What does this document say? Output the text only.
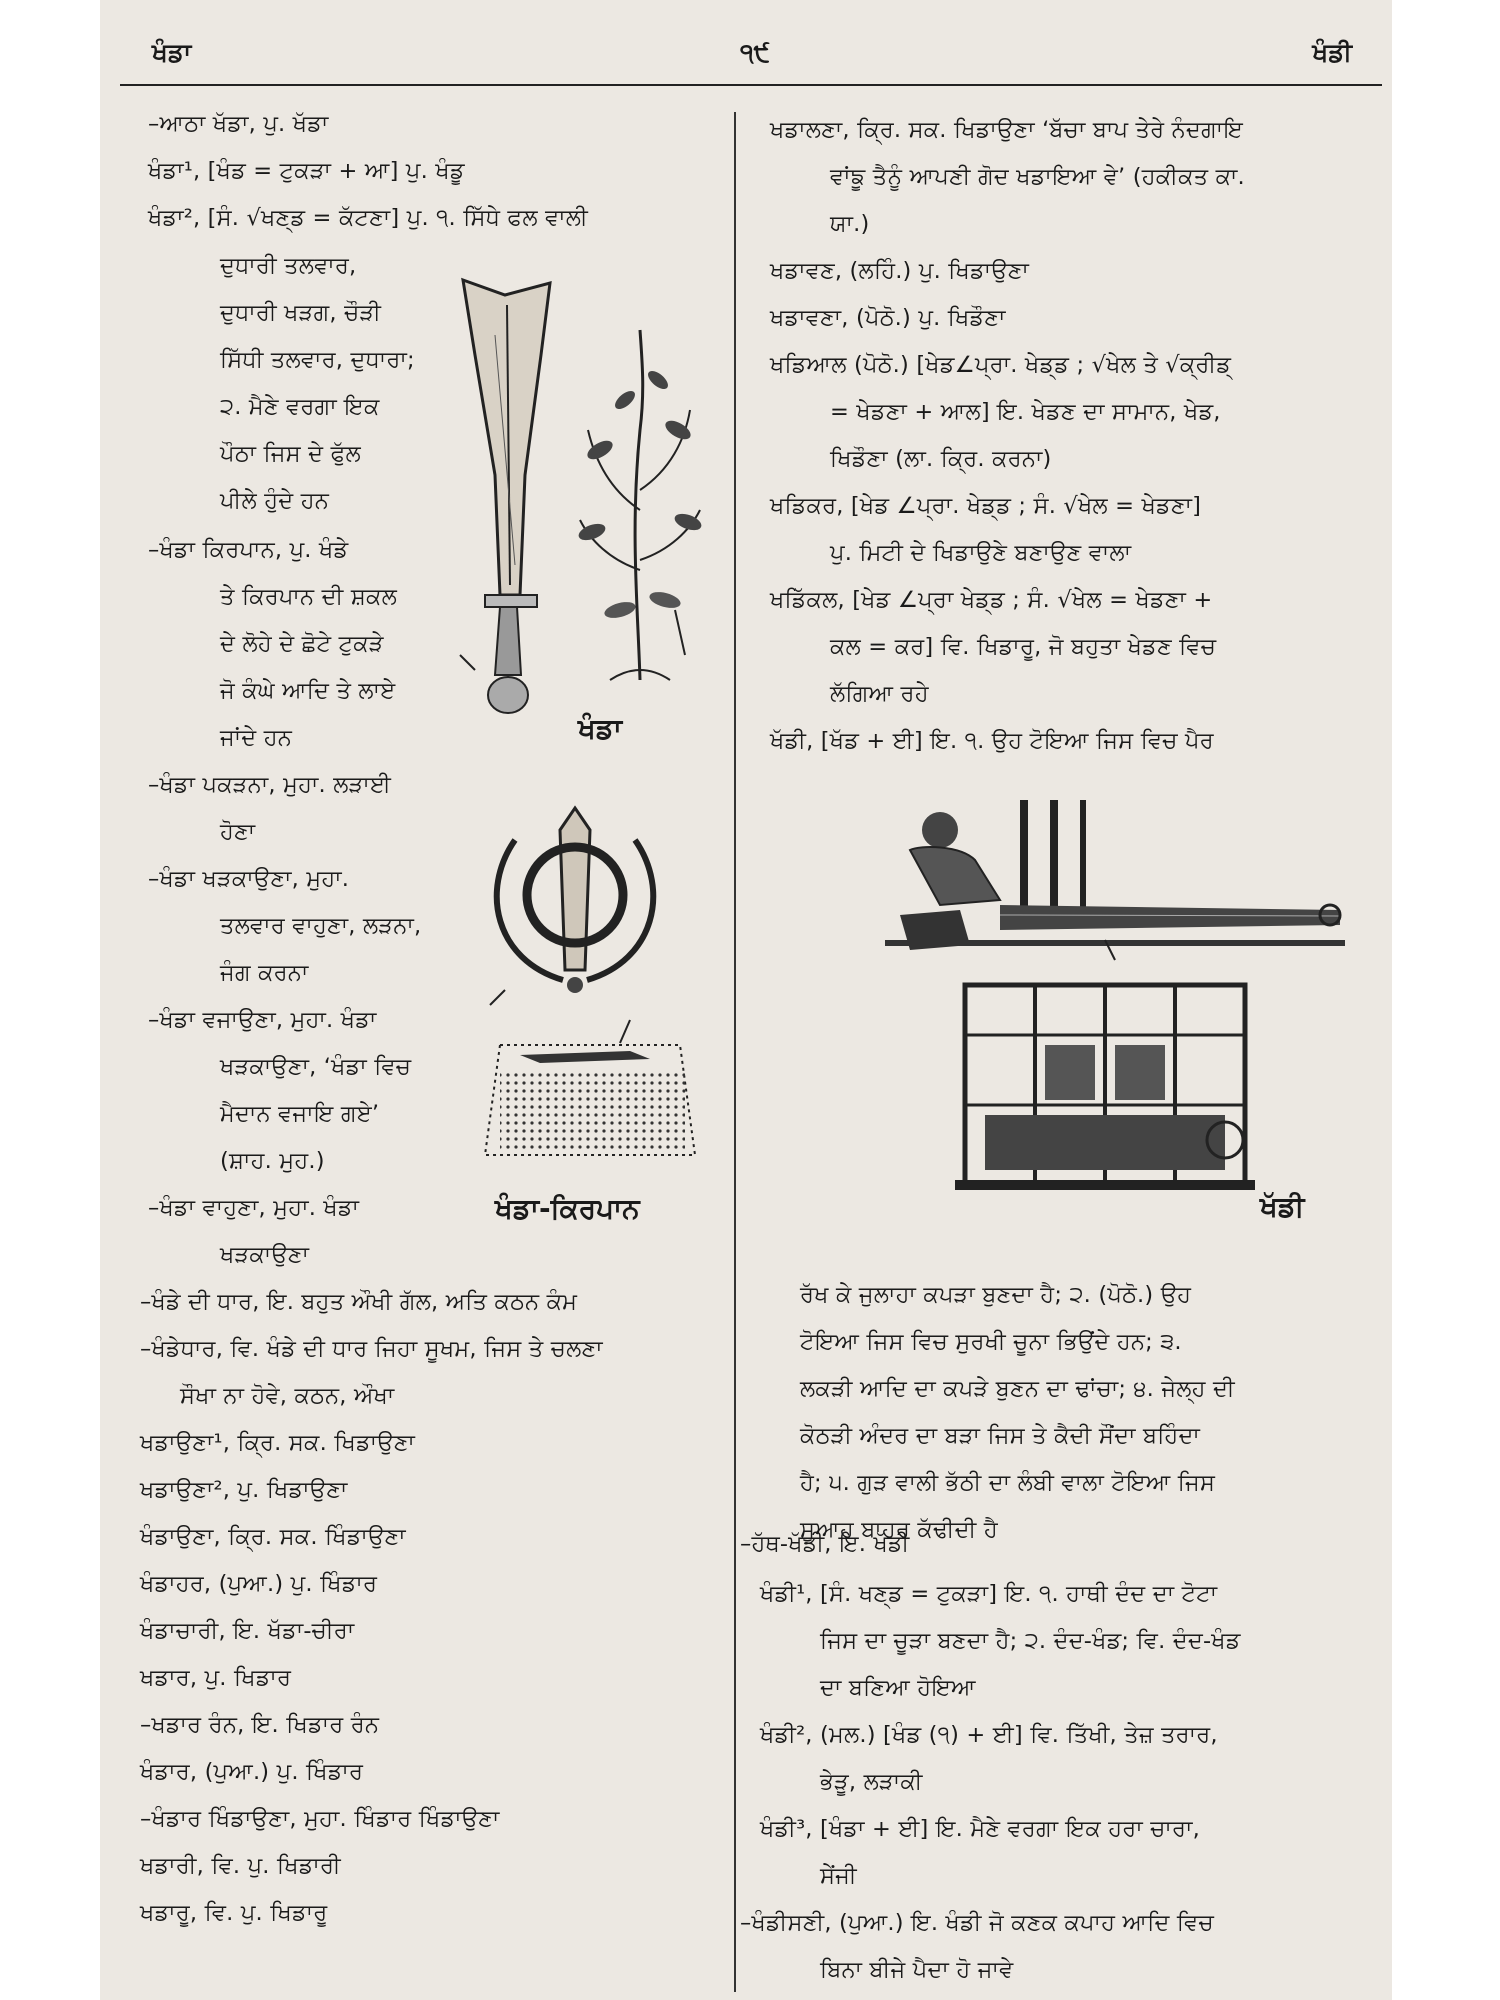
ਖੰਡਾ	੧੯	ਖੰਡੀ
–ਆਠਾ ਖੱਡਾ, ਪੁ. ਖੱਡਾ
ਖੰਡਾ¹, [ਖੰਡ = ਟੁਕੜਾ + ਆ] ਪੁ. ਖੰਡੂ
ਖੰਡਾ², [ਸੰ. √ਖਣ੍ਡ = ਕੱਟਣਾ] ਪੁ. ੧. ਸਿੱਧੇ ਫਲ ਵਾਲੀ
ਦੁਧਾਰੀ ਤਲਵਾਰ,
ਦੁਧਾਰੀ ਖੜਗ, ਚੌੜੀ
ਸਿੱਧੀ ਤਲਵਾਰ, ਦੁਧਾਰਾ;
੨. ਮੈਣੇ ਵਰਗਾ ਇਕ
ਪੌਠਾ ਜਿਸ ਦੇ ਫੁੱਲ
ਪੀਲੇ ਹੁੰਦੇ ਹਨ
–ਖੰਡਾ ਕਿਰਪਾਨ, ਪੁ. ਖੰਡੇ
ਤੇ ਕਿਰਪਾਨ ਦੀ ਸ਼ਕਲ
ਦੇ ਲੋਹੇ ਦੇ ਛੋਟੇ ਟੁਕੜੇ
ਜੋ ਕੰਘੇ ਆਦਿ ਤੇ ਲਾਏ
ਜਾਂਦੇ ਹਨ
–ਖੰਡਾ ਪਕੜਨਾ, ਮੁਹਾ. ਲੜਾਈ
ਹੋਣਾ
–ਖੰਡਾ ਖੜਕਾਉਣਾ, ਮੁਹਾ.
ਤਲਵਾਰ ਵਾਹੁਣਾ, ਲੜਨਾ,
ਜੰਗ ਕਰਨਾ
–ਖੰਡਾ ਵਜਾਉਣਾ, ਮੁਹਾ. ਖੰਡਾ
ਖੜਕਾਉਣਾ, ‘ਖੰਡਾ ਵਿਚ
ਮੈਦਾਨ ਵਜਾਇ ਗਏ’
(ਸ਼ਾਹ. ਮੁਹ.)
–ਖੰਡਾ ਵਾਹੁਣਾ, ਮੁਹਾ. ਖੰਡਾ
ਖੜਕਾਉਣਾ
–ਖੰਡੇ ਦੀ ਧਾਰ, ਇ. ਬਹੁਤ ਔਖੀ ਗੱਲ, ਅਤਿ ਕਠਨ ਕੰਮ
–ਖੰਡੇਧਾਰ, ਵਿ. ਖੰਡੇ ਦੀ ਧਾਰ ਜਿਹਾ ਸੂਖਮ, ਜਿਸ ਤੇ ਚਲਣਾ
ਸੌਖਾ ਨਾ ਹੋਵੇ, ਕਠਨ, ਔਖਾ
ਖਡਾਉਣਾ¹, ਕ੍ਰਿ. ਸਕ. ਖਿਡਾਉਣਾ
ਖਡਾਉਣਾ², ਪੁ. ਖਿਡਾਉਣਾ
ਖੰਡਾਉਣਾ, ਕ੍ਰਿ. ਸਕ. ਖਿੰਡਾਉਣਾ
ਖੰਡਾਹਰ, (ਪੁਆ.) ਪੁ. ਖਿੰਡਾਰ
ਖੰਡਾਚਾਰੀ, ਇ. ਖੱਡਾ-ਚੀਰਾ
ਖਡਾਰ, ਪੁ. ਖਿਡਾਰ
–ਖਡਾਰ ਰੰਨ, ਇ. ਖਿਡਾਰ ਰੰਨ
ਖੰਡਾਰ, (ਪੁਆ.) ਪੁ. ਖਿੰਡਾਰ
–ਖੰਡਾਰ ਖਿੰਡਾਉਣਾ, ਮੁਹਾ. ਖਿੰਡਾਰ ਖਿੰਡਾਉਣਾ
ਖਡਾਰੀ, ਵਿ. ਪੁ. ਖਿਡਾਰੀ
ਖਡਾਰੂ, ਵਿ. ਪੁ. ਖਿਡਾਰੂ
ਖਡਾਲਣਾ, ਕ੍ਰਿ. ਸਕ. ਖਿਡਾਉਣਾ ‘ਬੱਚਾ ਬਾਪ ਤੇਰੇ ਨੰਦਗਾਇ
ਵਾਂਙੂ ਤੈਨੂੰ ਆਪਣੀ ਗੋਦ ਖਡਾਇਆ ਵੇ’ (ਹਕੀਕਤ ਕਾ.
ਯਾ.)
ਖਡਾਵਣ, (ਲਹਿੰ.) ਪੁ. ਖਿਡਾਉਣਾ
ਖਡਾਵਣਾ, (ਪੋਠੋ.) ਪੁ. ਖਿਡੌਣਾ
ਖਡਿਆਲ (ਪੋਠੋ.) [ਖੇਡ∠ਪ੍ਰਾ. ਖੇਡ੍ਡ ; √ਖੇਲ ਤੇ √ਕ੍ਰੀਡ੍
= ਖੇਡਣਾ + ਆਲ] ਇ. ਖੇਡਣ ਦਾ ਸਾਮਾਨ, ਖੇਡ,
ਖਿਡੌਣਾ (ਲਾ. ਕ੍ਰਿ. ਕਰਨਾ)
ਖਡਿਕਰ, [ਖੇਡ ∠ਪ੍ਰਾ. ਖੇਡ੍ਡ ; ਸੰ. √ਖੇਲ = ਖੇਡਣਾ]
ਪੁ. ਮਿਟੀ ਦੇ ਖਿਡਾਉਣੇ ਬਣਾਉਣ ਵਾਲਾ
ਖਡਿੱਕਲ, [ਖੇਡ ∠ਪ੍ਰਾ ਖੇਡ੍ਡ ; ਸੰ. √ਖੇਲ = ਖੇਡਣਾ +
ਕਲ = ਕਰ] ਵਿ. ਖਿਡਾਰੂ, ਜੋ ਬਹੁਤਾ ਖੇਡਣ ਵਿਚ
ਲੱਗਿਆ ਰਹੇ
ਖੱਡੀ, [ਖੱਡ + ਈ] ਇ. ੧. ਉਹ ਟੋਇਆ ਜਿਸ ਵਿਚ ਪੈਰ
ਰੱਖ ਕੇ ਜੁਲਾਹਾ ਕਪੜਾ ਬੁਣਦਾ ਹੈ; ੨. (ਪੋਠੋ.) ਉਹ
ਟੋਇਆ ਜਿਸ ਵਿਚ ਸੁਰਖੀ ਚੂਨਾ ਭਿਉਂਦੇ ਹਨ; ੩.
ਲਕੜੀ ਆਦਿ ਦਾ ਕਪੜੇ ਬੁਣਨ ਦਾ ਢਾਂਚਾ; ੪. ਜੇਲ੍ਹ ਦੀ
ਕੋਠੜੀ ਅੰਦਰ ਦਾ ਬੜਾ ਜਿਸ ਤੇ ਕੈਦੀ ਸੌਂਦਾ ਬਹਿੰਦਾ
ਹੈ; ੫. ਗੁੜ ਵਾਲੀ ਭੱਠੀ ਦਾ ਲੰਬੀ ਵਾਲਾ ਟੋਇਆ ਜਿਸ
ਸੁਆਹ ਬਾਹਰ ਕੱਢੀਦੀ ਹੈ
–ਹੱਥ-ਖੱਡੀ, ਇ. ਖੱਡੀ
ਖੰਡੀ¹, [ਸੰ. ਖਣ੍ਡ = ਟੁਕੜਾ] ਇ. ੧. ਹਾਥੀ ਦੰਦ ਦਾ ਟੋਟਾ
ਜਿਸ ਦਾ ਚੂੜਾ ਬਣਦਾ ਹੈ; ੨. ਦੰਦ-ਖੰਡ; ਵਿ. ਦੰਦ-ਖੰਡ
ਦਾ ਬਣਿਆ ਹੋਇਆ
ਖੰਡੀ², (ਮਲ.) [ਖੰਡ (੧) + ਈ] ਵਿ. ਤਿੱਖੀ, ਤੇਜ਼ ਤਰਾਰ,
ਭੇੜੂ, ਲੜਾਕੀ
ਖੰਡੀ³, [ਖੰਡਾ + ਈ] ਇ. ਮੈਣੇ ਵਰਗਾ ਇਕ ਹਰਾ ਚਾਰਾ,
ਸੇਂਜੀ
–ਖੰਡੀਸਣੀ, (ਪੁਆ.) ਇ. ਖੰਡੀ ਜੋ ਕਣਕ ਕਪਾਹ ਆਦਿ ਵਿਚ
ਬਿਨਾ ਬੀਜੇ ਪੈਦਾ ਹੋ ਜਾਵੇ
ਖੰਡਾ
ਖੰਡਾ-ਕਿਰਪਾਨ	ਖੱਡੀ
